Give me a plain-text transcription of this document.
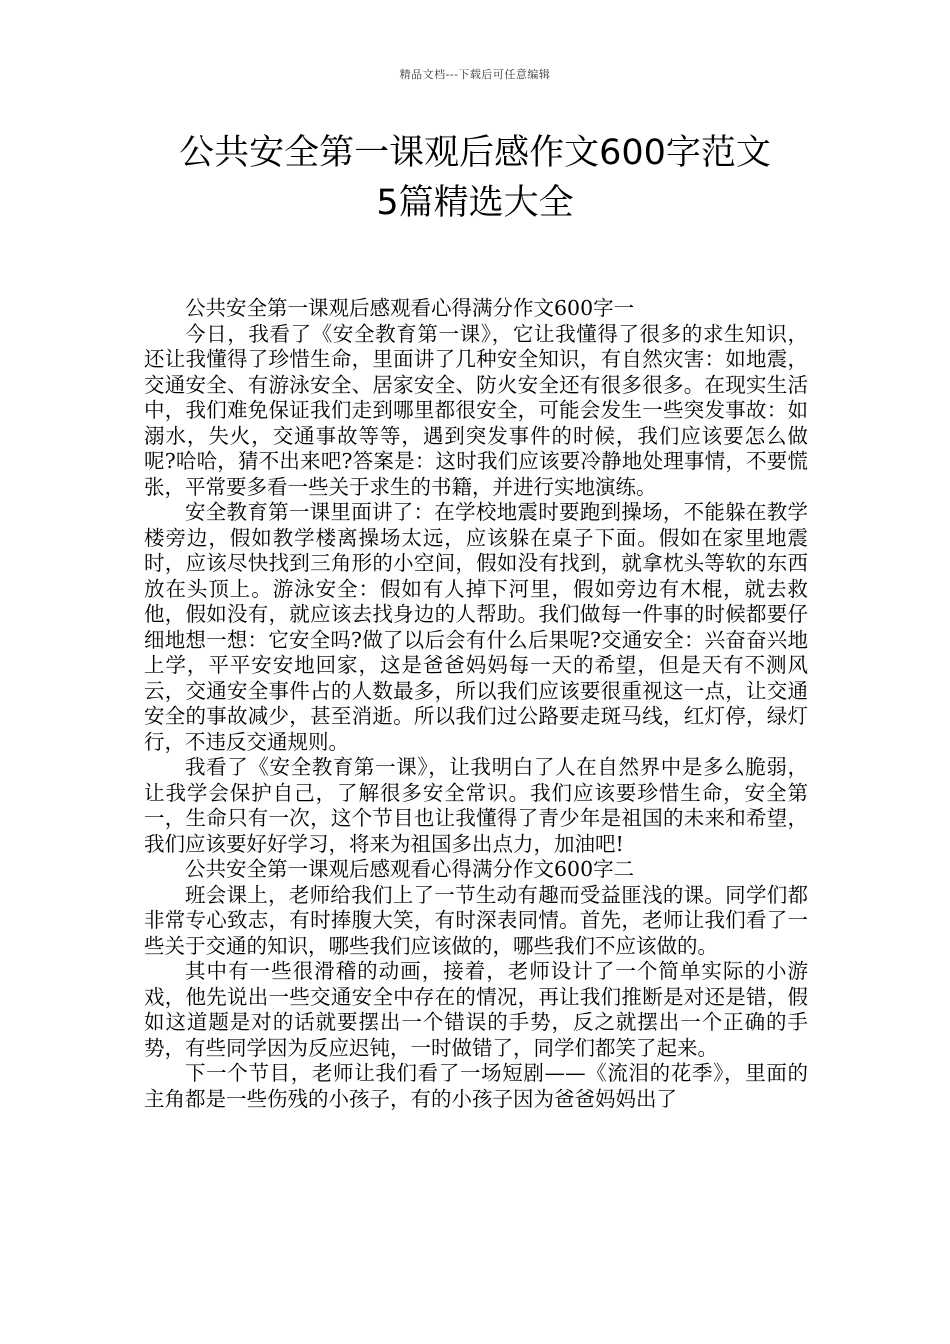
精品文档---下载后可任意编辑
公共安全第一课观后感作文600字范文
5篇精选大全

公共安全第一课观后感观看心得满分作文600字一

今日，我看了《安全教育第一课》，它让我懂得了很多的求生知识，还让我懂得了珍惜生命，里面讲了几种安全知识，有自然灾害：如地震，交通安全、有游泳安全、居家安全、防火安全还有很多很多。在现实生活中，我们难免保证我们走到哪里都很安全，可能会发生一些突发事故：如溺水，失火，交通事故等等，遇到突发事件的时候，我们应该要怎么做呢?哈哈，猜不出来吧?答案是：这时我们应该要冷静地处理事情，不要慌张，平常要多看一些关于求生的书籍，并进行实地演练。

安全教育第一课里面讲了：在学校地震时要跑到操场，不能躲在教学楼旁边，假如教学楼离操场太远，应该躲在桌子下面。假如在家里地震时，应该尽快找到三角形的小空间，假如没有找到，就拿枕头等软的东西放在头顶上。游泳安全：假如有人掉下河里，假如旁边有木棍，就去救他，假如没有，就应该去找身边的人帮助。我们做每一件事的时候都要仔细地想一想：它安全吗?做了以后会有什么后果呢?交通安全：兴奋奋兴地上学，平平安安地回家，这是爸爸妈妈每一天的希望，但是天有不测风云，交通安全事件占的人数最多，所以我们应该要很重视这一点，让交通安全的事故减少，甚至消逝。所以我们过公路要走斑马线，红灯停，绿灯行，不违反交通规则。

我看了《安全教育第一课》，让我明白了人在自然界中是多么脆弱，让我学会保护自己，了解很多安全常识。我们应该要珍惜生命，安全第一，生命只有一次，这个节目也让我懂得了青少年是祖国的未来和希望，我们应该要好好学习，将来为祖国多出点力，加油吧!

公共安全第一课观后感观看心得满分作文600字二

班会课上，老师给我们上了一节生动有趣而受益匪浅的课。同学们都非常专心致志，有时捧腹大笑，有时深表同情。首先，老师让我们看了一些关于交通的知识，哪些我们应该做的，哪些我们不应该做的。

其中有一些很滑稽的动画，接着，老师设计了一个简单实际的小游戏，他先说出一些交通安全中存在的情况，再让我们推断是对还是错，假如这道题是对的话就要摆出一个错误的手势，反之就摆出一个正确的手势，有些同学因为反应迟钝，一时做错了，同学们都笑了起来。

下一个节目，老师让我们看了一场短剧——《流泪的花季》，里面的主角都是一些伤残的小孩子，有的小孩子因为爸爸妈妈出了
